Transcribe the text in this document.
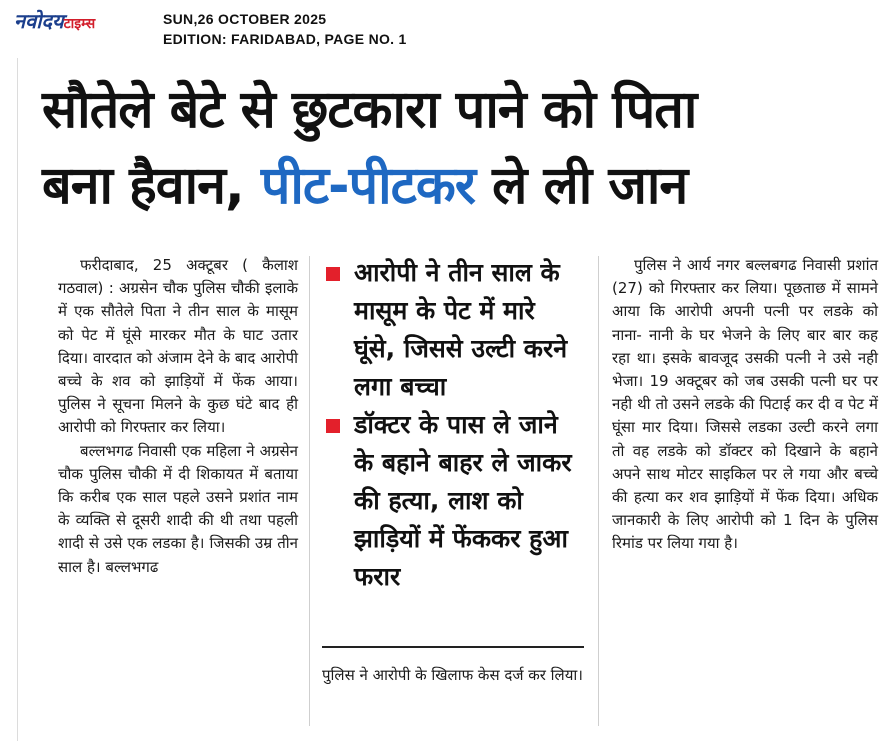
नवोदयटाइम्स	SUN,26 OCTOBER 2025
EDITION: FARIDABAD, PAGE NO. 1
सौतेले बेटे से छुटकारा पाने को पिता
बना हैवान, पीट-पीटकर ले ली जान

फरीदाबाद, 25 अक्टूबर ( कैलाश गठवाल) : अग्रसेन चौक पुलिस चौकी इलाके में एक सौतेले पिता ने तीन साल के मासूम को पेट में घूंसे मारकर मौत के घाट उतार दिया। वारदात को अंजाम देने के बाद आरोपी बच्चे के शव को झाड़ियों में फेंक आया। पुलिस ने सूचना मिलने के कुछ घंटे बाद ही आरोपी को गिरफ्तार कर लिया।

बल्लभगढ निवासी एक महिला ने अग्रसेन चौक पुलिस चौकी में दी शिकायत में बताया कि करीब एक साल पहले उसने प्रशांत नाम के व्यक्ति से दूसरी शादी की थी तथा पहली शादी से उसे एक लडका है। जिसकी उम्र तीन साल है। बल्लभगढ

आरोपी ने तीन साल के मासूम के पेट में मारे घूंसे, जिससे उल्टी करने लगा बच्चा
डॉक्टर के पास ले जाने के बहाने बाहर ले जाकर की हत्या, लाश को झाड़ियों में फेंककर हुआ फरार

पुलिस ने आरोपी के खिलाफ केस दर्ज कर लिया।

पुलिस ने आर्य नगर बल्लबगढ निवासी प्रशांत (27) को गिरफ्तार कर लिया। पूछताछ में सामने आया कि आरोपी अपनी पत्नी पर लडके को नाना- नानी के घर भेजने के लिए बार बार कह रहा था। इसके बावजूद उसकी पत्नी ने उसे नही भेजा। 19 अक्टूबर को जब उसकी पत्नी घर पर नही थी तो उसने लडके की पिटाई कर दी व पेट में घूंसा मार दिया। जिससे लडका उल्टी करने लगा तो वह लडके को डॉक्टर को दिखाने के बहाने अपने साथ मोटर साइकिल पर ले गया और बच्चे की हत्या कर शव झाड़ियों में फेंक दिया। अधिक जानकारी के लिए आरोपी को 1 दिन के पुलिस रिमांड पर लिया गया है।
